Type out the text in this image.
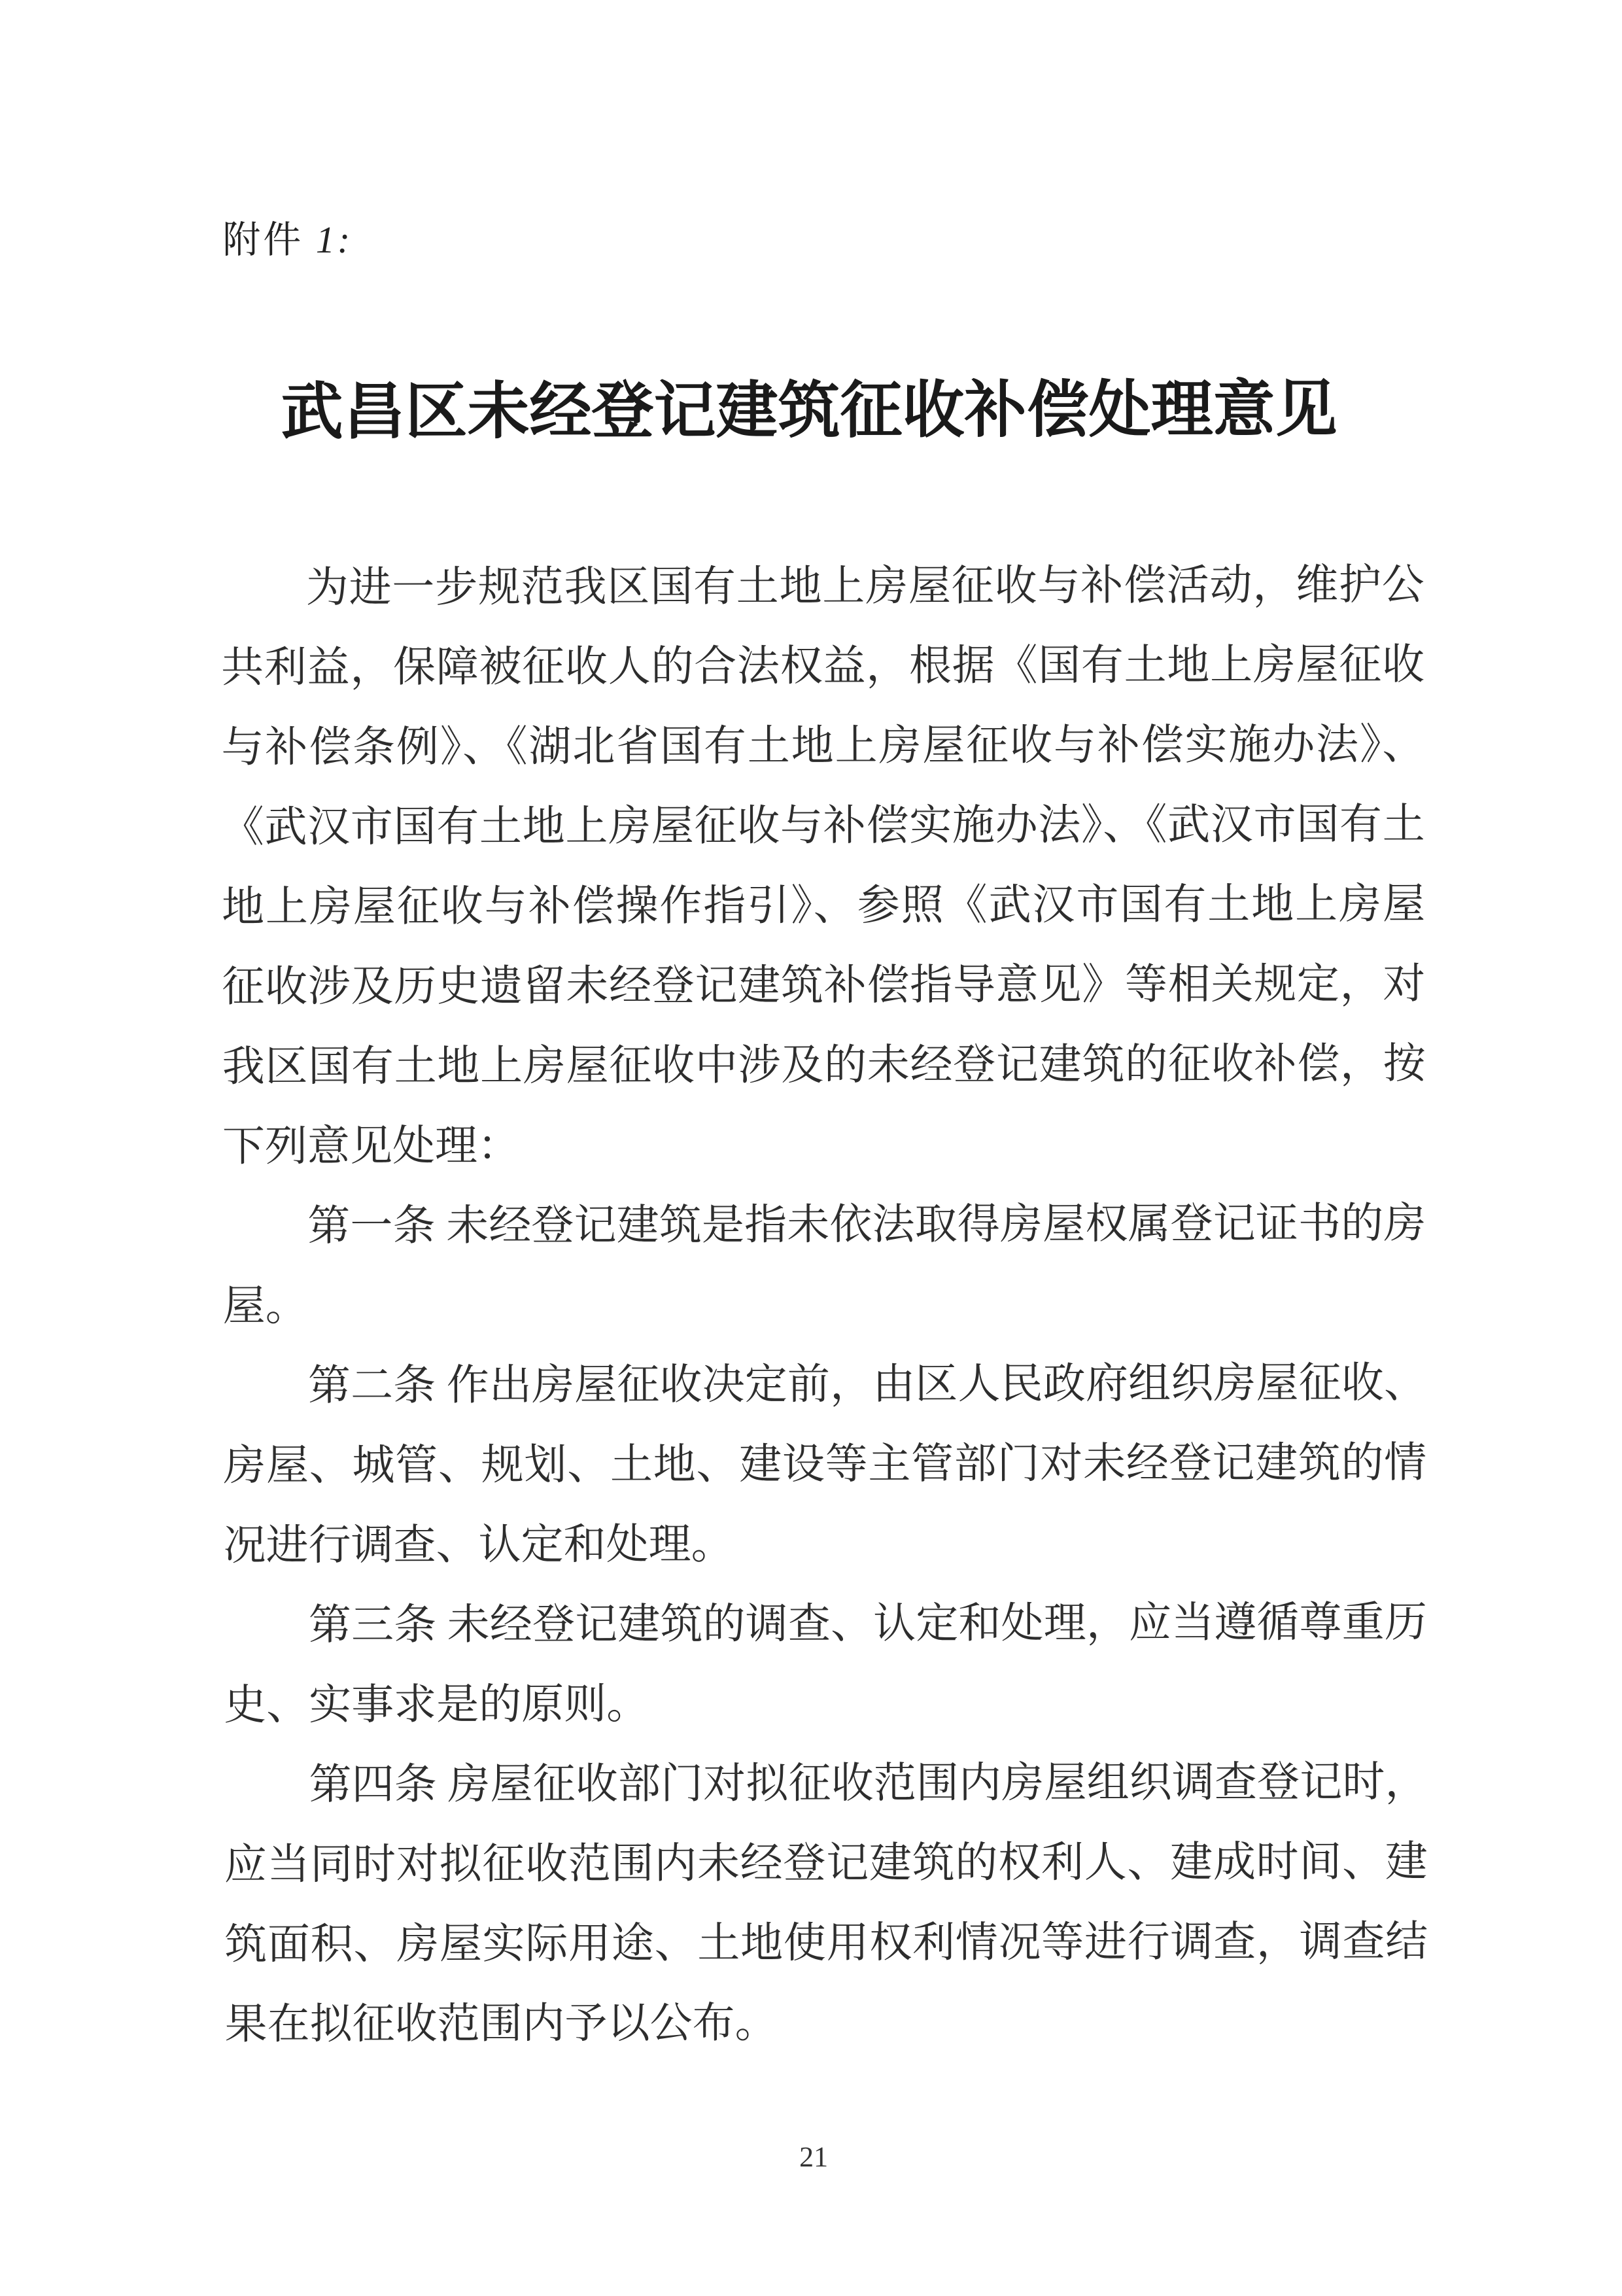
附件 1:
武昌区未经登记建筑征收补偿处理意见

为进一步规范我区国有土地上房屋征收与补偿活动，维护公共利益，保障被征收人的合法权益，根据《国有土地上房屋征收与补偿条例》、《湖北省国有土地上房屋征收与补偿实施办法》、《武汉市国有土地上房屋征收与补偿实施办法》、《武汉市国有土地上房屋征收与补偿操作指引》、参照《武汉市国有土地上房屋征收涉及历史遗留未经登记建筑补偿指导意见》等相关规定，对我区国有土地上房屋征收中涉及的未经登记建筑的征收补偿，按下列意见处理：

第一条 未经登记建筑是指未依法取得房屋权属登记证书的房屋。

第二条 作出房屋征收决定前，由区人民政府组织房屋征收、房屋、城管、规划、土地、建设等主管部门对未经登记建筑的情况进行调查、认定和处理。

第三条 未经登记建筑的调查、认定和处理，应当遵循尊重历史、实事求是的原则。

第四条 房屋征收部门对拟征收范围内房屋组织调查登记时，应当同时对拟征收范围内未经登记建筑的权利人、建成时间、建筑面积、房屋实际用途、土地使用权利情况等进行调查，调查结果在拟征收范围内予以公布。

21
